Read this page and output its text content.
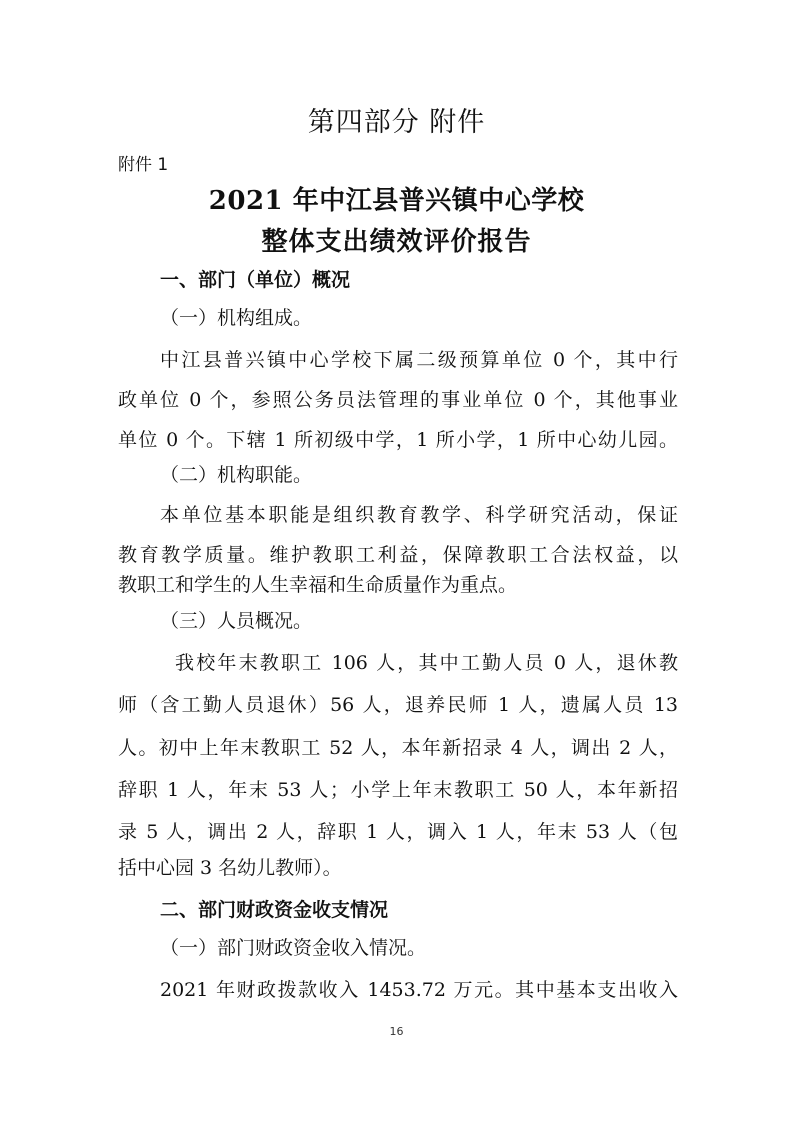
第四部分 附件
附件 1
2021 年中江县普兴镇中心学校
整体支出绩效评价报告
一、部门（单位）概况
（一）机构组成。
中江县普兴镇中心学校下属二级预算单位 0 个，其中行
政单位 0 个，参照公务员法管理的事业单位 0 个，其他事业
单位 0 个。下辖 1 所初级中学，1 所小学，1 所中心幼儿园。
（二）机构职能。
本单位基本职能是组织教育教学、科学研究活动，保证
教育教学质量。维护教职工利益，保障教职工合法权益，以
教职工和学生的人生幸福和生命质量作为重点。
（三）人员概况。
我校年末教职工 106 人，其中工勤人员 0 人，退休教
师（含工勤人员退休）56 人，退养民师 1 人，遗属人员 13
人。初中上年末教职工 52 人，本年新招录 4 人，调出 2 人，
辞职 1 人，年末 53 人；小学上年末教职工 50 人，本年新招
录 5 人，调出 2 人，辞职 1 人，调入 1 人，年末 53 人（包
括中心园 3 名幼儿教师）。
二、部门财政资金收支情况
（一）部门财政资金收入情况。
2021 年财政拨款收入 1453.72 万元。其中基本支出收入
16
